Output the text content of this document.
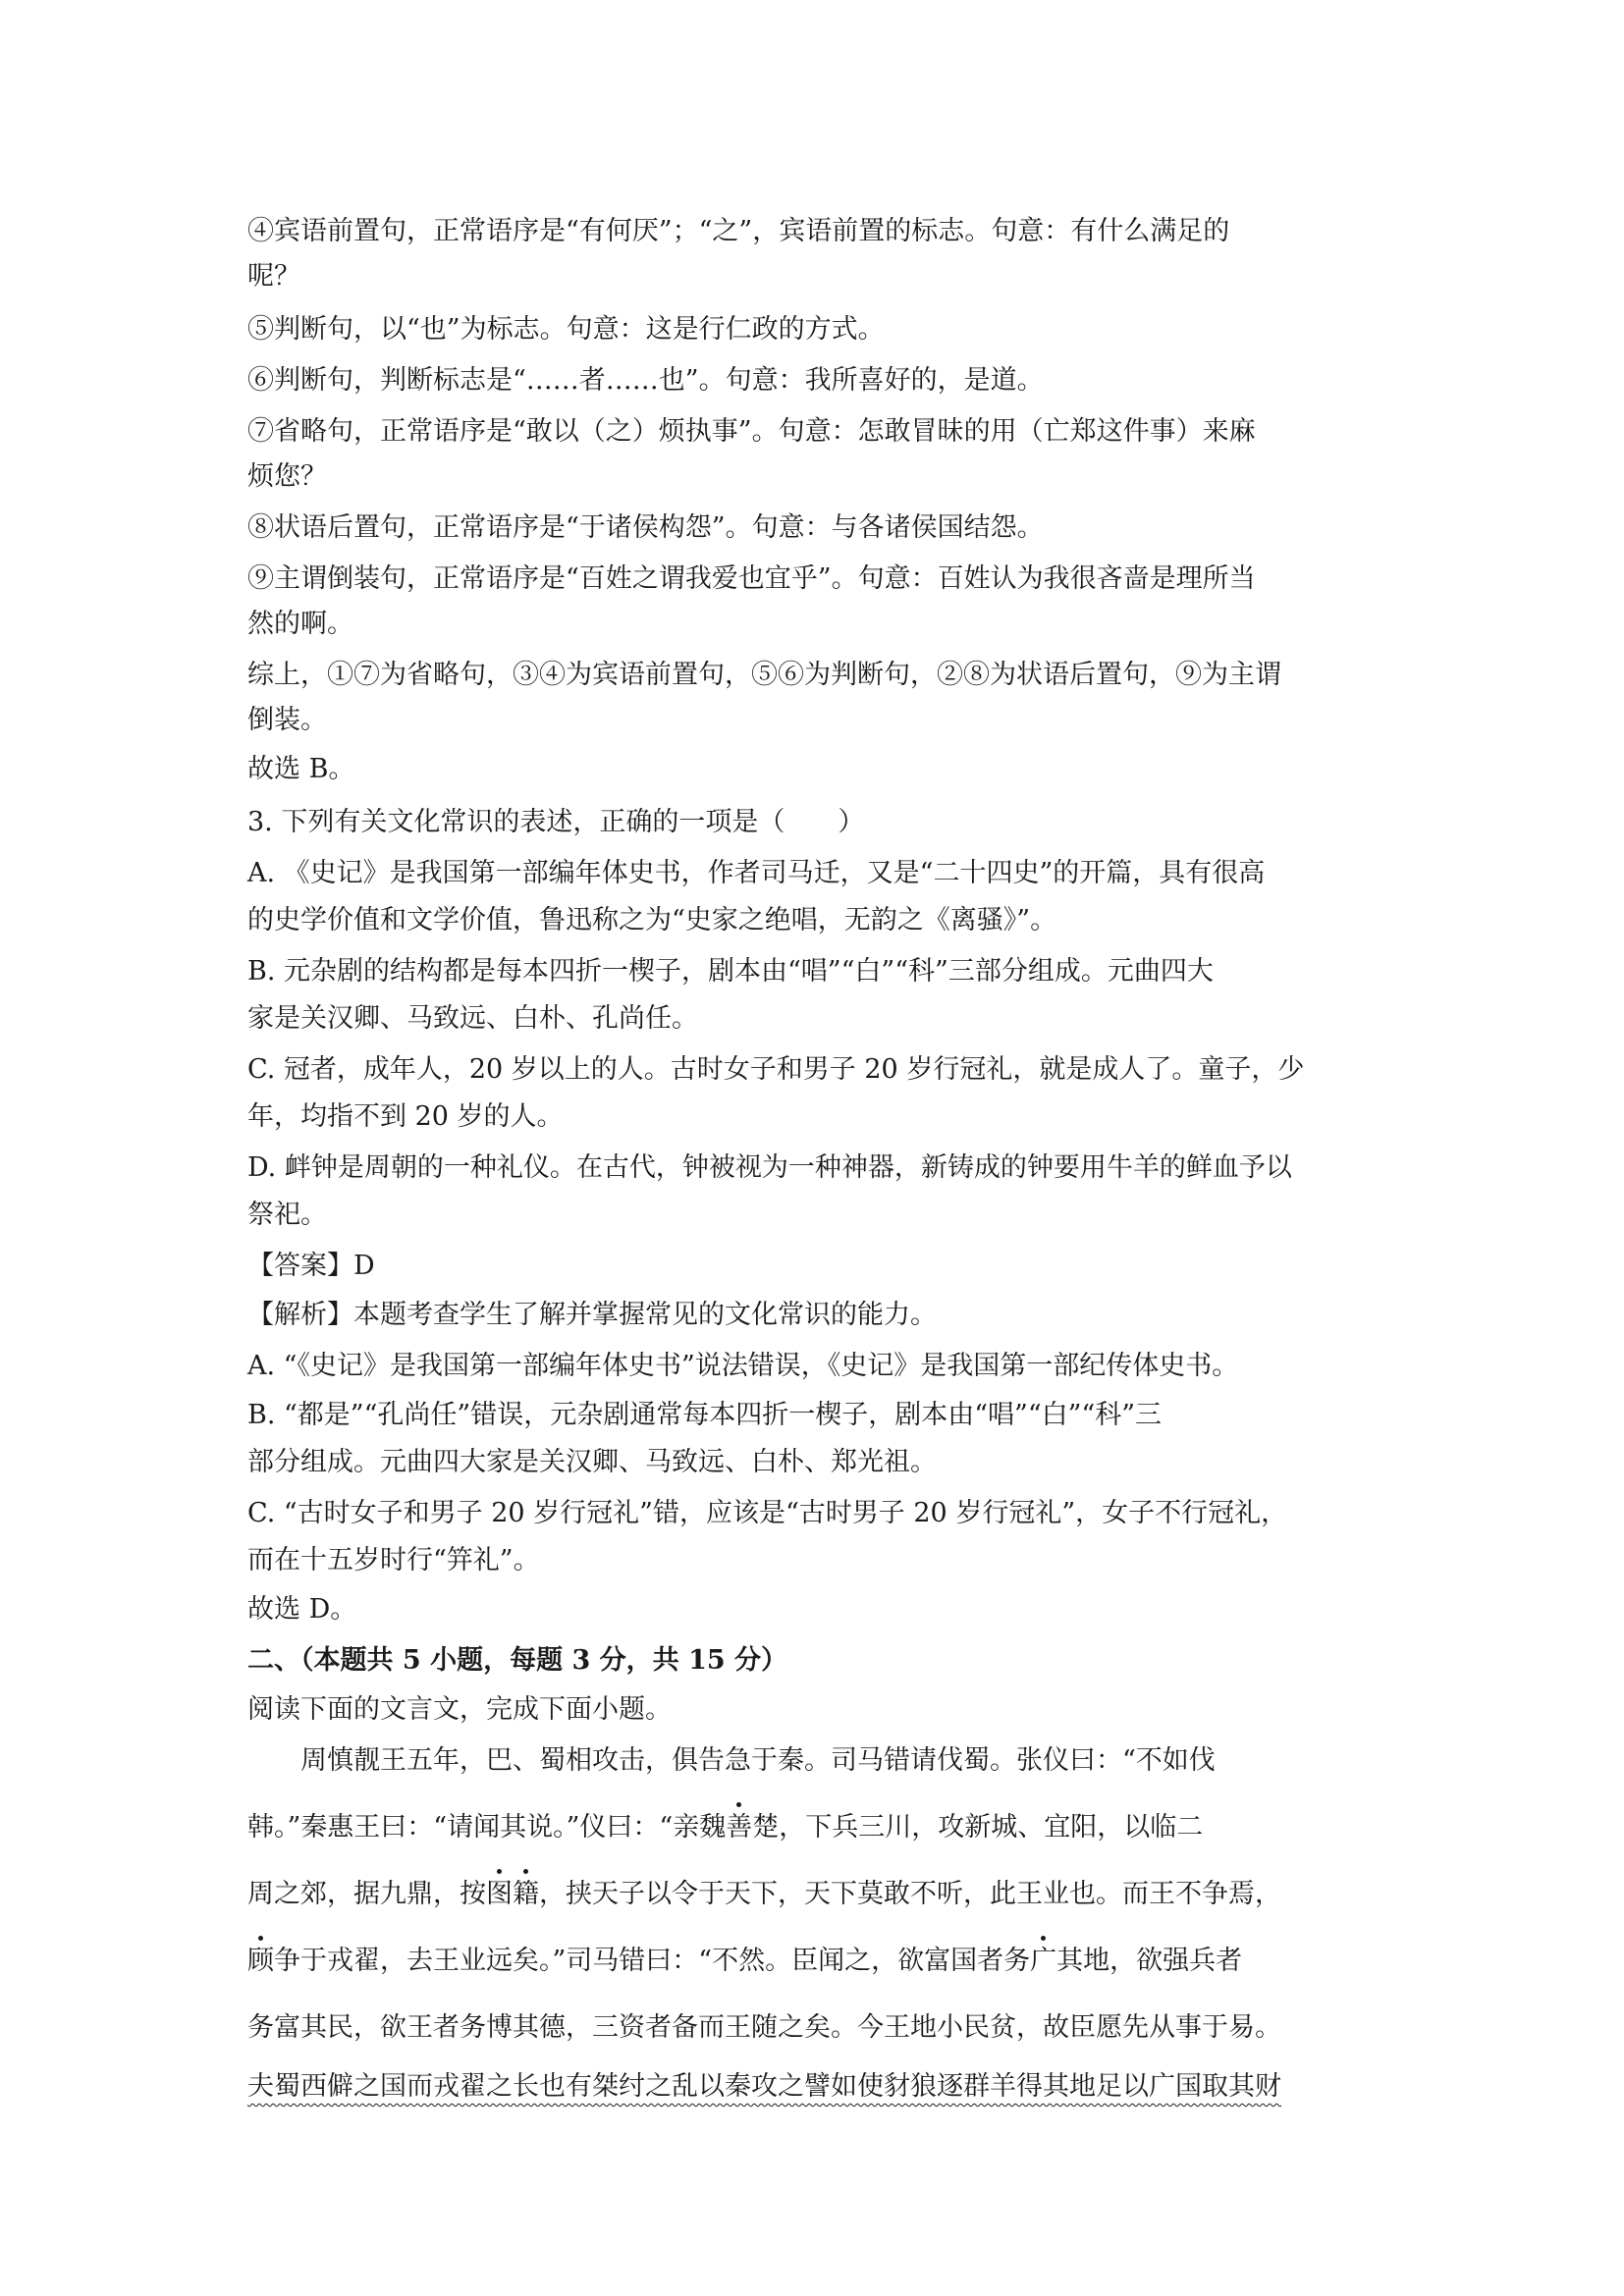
④宾语前置句，正常语序是“有何厌”；“之”，宾语前置的标志。句意：有什么满足的
呢？
⑤判断句，以“也”为标志。句意：这是行仁政的方式。
⑥判断句，判断标志是“……者……也”。句意：我所喜好的，是道。
⑦省略句，正常语序是“敢以（之）烦执事”。句意：怎敢冒昧的用（亡郑这件事）来麻
烦您？
⑧状语后置句，正常语序是“于诸侯构怨”。句意：与各诸侯国结怨。
⑨主谓倒装句，正常语序是“百姓之谓我爱也宜乎”。句意：百姓认为我很吝啬是理所当
然的啊。
综上，①⑦为省略句，③④为宾语前置句，⑤⑥为判断句，②⑧为状语后置句，⑨为主谓
倒装。
故选 B。
3. 下列有关文化常识的表述，正确的一项是（　　）
A. 《史记》是我国第一部编年体史书，作者司马迁，又是“二十四史”的开篇，具有很高
的史学价值和文学价值，鲁迅称之为“史家之绝唱，无韵之《离骚》”。
B. 元杂剧的结构都是每本四折一楔子，剧本由“唱”“白”“科”三部分组成。元曲四大
家是关汉卿、马致远、白朴、孔尚任。
C. 冠者，成年人，20 岁以上的人。古时女子和男子 20 岁行冠礼，就是成人了。童子，少
年，均指不到 20 岁的人。
D. 衅钟是周朝的一种礼仪。在古代，钟被视为一种神器，新铸成的钟要用牛羊的鲜血予以
祭祀。
【答案】D
【解析】本题考查学生了解并掌握常见的文化常识的能力。
A. “《史记》是我国第一部编年体史书”说法错误，《史记》是我国第一部纪传体史书。
B. “都是”“孔尚任”错误，元杂剧通常每本四折一楔子，剧本由“唱”“白”“科”三
部分组成。元曲四大家是关汉卿、马致远、白朴、郑光祖。
C. “古时女子和男子 20 岁行冠礼”错，应该是“古时男子 20 岁行冠礼”，女子不行冠礼，
而在十五岁时行“笄礼”。
故选 D。
二、（本题共 5 小题，每题 3 分，共 15 分）
阅读下面的文言文，完成下面小题。
周慎靓王五年，巴、蜀相攻击，俱告急于秦。司马错请伐蜀。张仪曰：“不如伐
韩。”秦惠王曰：“请闻其说。”仪曰：“亲魏善楚，下兵三川，攻新城、宜阳，以临二
周之郊，据九鼎，按图籍，挟天子以令于天下，天下莫敢不听，此王业也。而王不争焉，
顾争于戎翟，去王业远矣。”司马错曰：“不然。臣闻之，欲富国者务广其地，欲强兵者
务富其民，欲王者务博其德，三资者备而王随之矣。今王地小民贫，故臣愿先从事于易。
夫蜀西僻之国而戎翟之长也有桀纣之乱以秦攻之譬如使豺狼逐群羊得其地足以广国取其财
